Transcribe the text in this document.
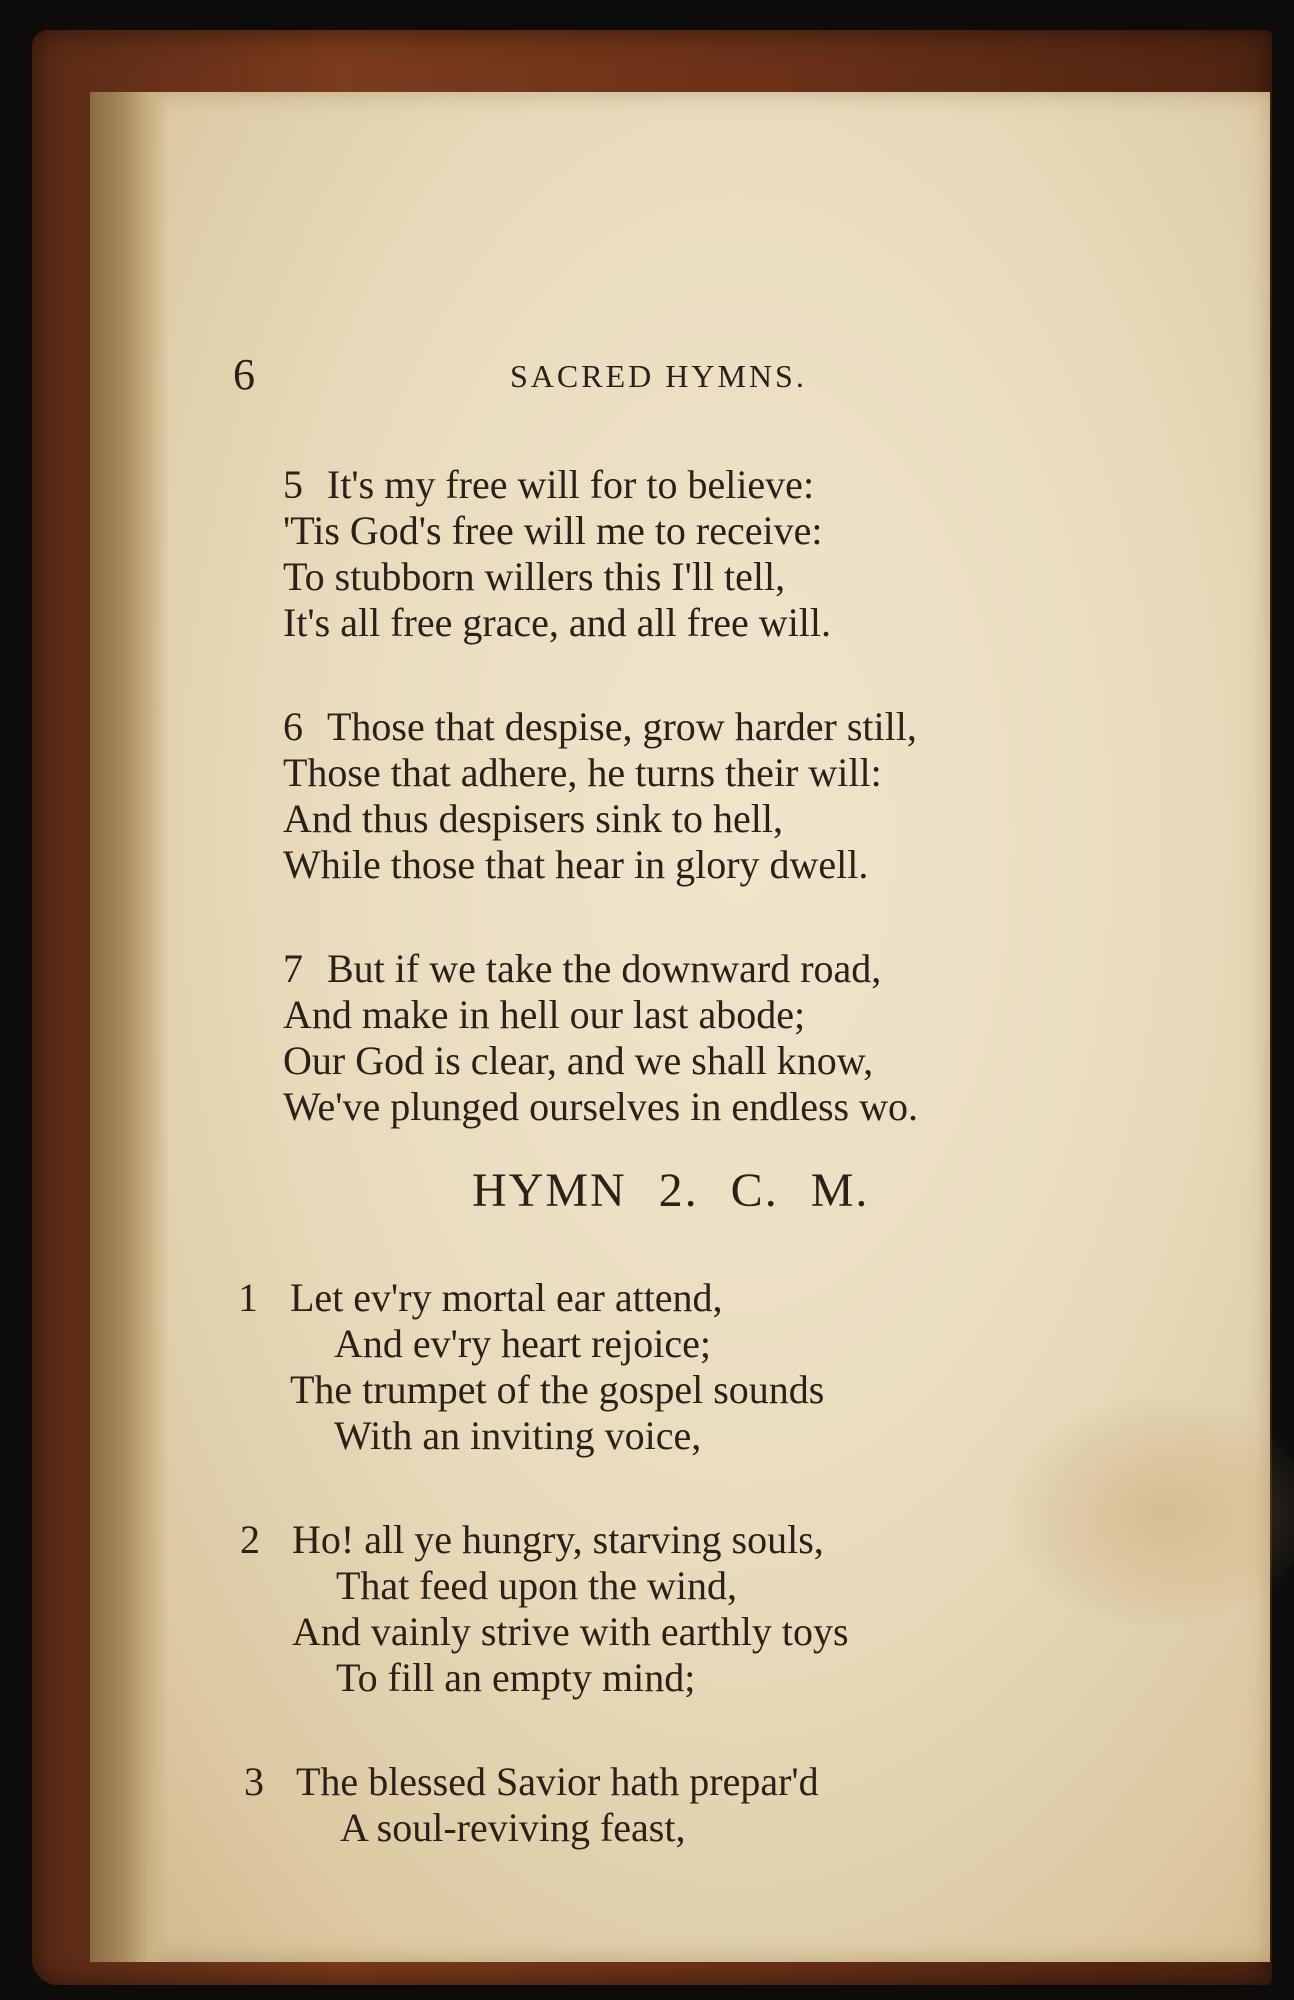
6	SACRED HYMNS.
5 It's my free will for to believe:
'Tis God's free will me to receive:
To stubborn willers this I'll tell,
It's all free grace, and all free will.
6 Those that despise, grow harder still,
Those that adhere, he turns their will:
And thus despisers sink to hell,
While those that hear in glory dwell.
7 But if we take the downward road,
And make in hell our last abode;
Our God is clear, and we shall know,
We've plunged ourselves in endless wo.
HYMN 2. C. M.
1 Let ev'ry mortal ear attend,
And ev'ry heart rejoice;
The trumpet of the gospel sounds
With an inviting voice,
2 Ho! all ye hungry, starving souls,
That feed upon the wind,
And vainly strive with earthly toys
To fill an empty mind;
3 The blessed Savior hath prepar'd
A soul-reviving feast,
